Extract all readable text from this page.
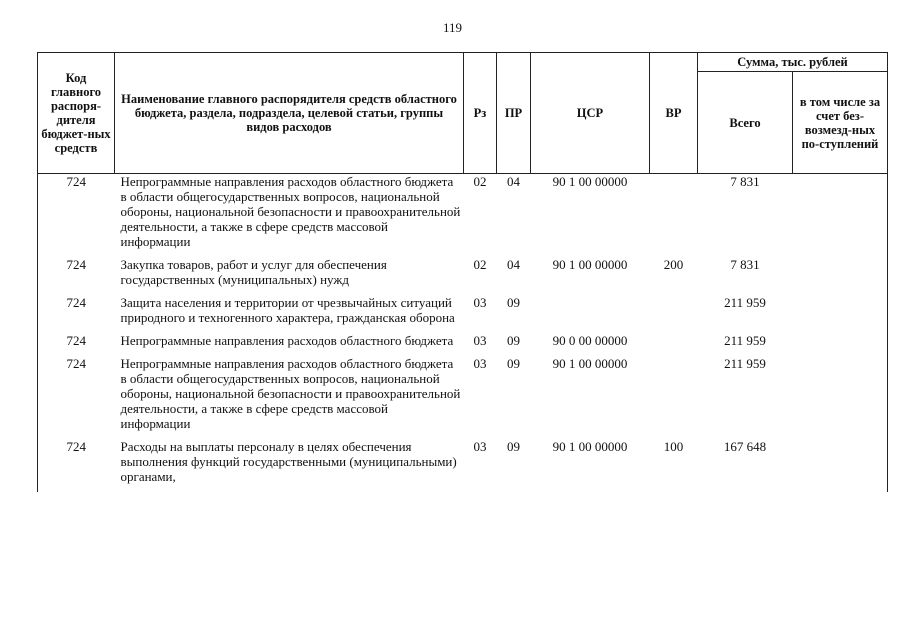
119
Код главного распоря-дителя бюджет-ных средств	Наименование главного распорядителя средств областного бюджета, раздела, подраздела, целевой статьи, группы видов расходов	Рз	ПР	ЦСР	ВР	Сумма, тыс. рублей	
						Всего	в том числе за счет без-возмезд-ных по-ступлений
724	Непрограммные направления расходов областного бюджета в области общегосударственных вопросов, национальной обороны, национальной безопасности и правоохранительной деятельности, а также в сфере средств массовой информации	02	04	90 1 00 00000		7 831	
724	Закупка товаров, работ и услуг для обеспечения государственных (муниципальных) нужд	02	04	90 1 00 00000	200	7 831	
724	Защита населения и территории от чрезвычайных ситуаций природного и техногенного характера, гражданская оборона	03	09			211 959	
724	Непрограммные направления расходов областного бюджета	03	09	90 0 00 00000		211 959	
724	Непрограммные направления расходов областного бюджета в области общегосударственных вопросов, национальной обороны, национальной безопасности и правоохранительной деятельности, а также в сфере средств массовой информации	03	09	90 1 00 00000		211 959	
724	Расходы на выплаты персоналу в целях обеспечения выполнения функций государственными (муниципальными) органами,	03	09	90 1 00 00000	100	167 648	
